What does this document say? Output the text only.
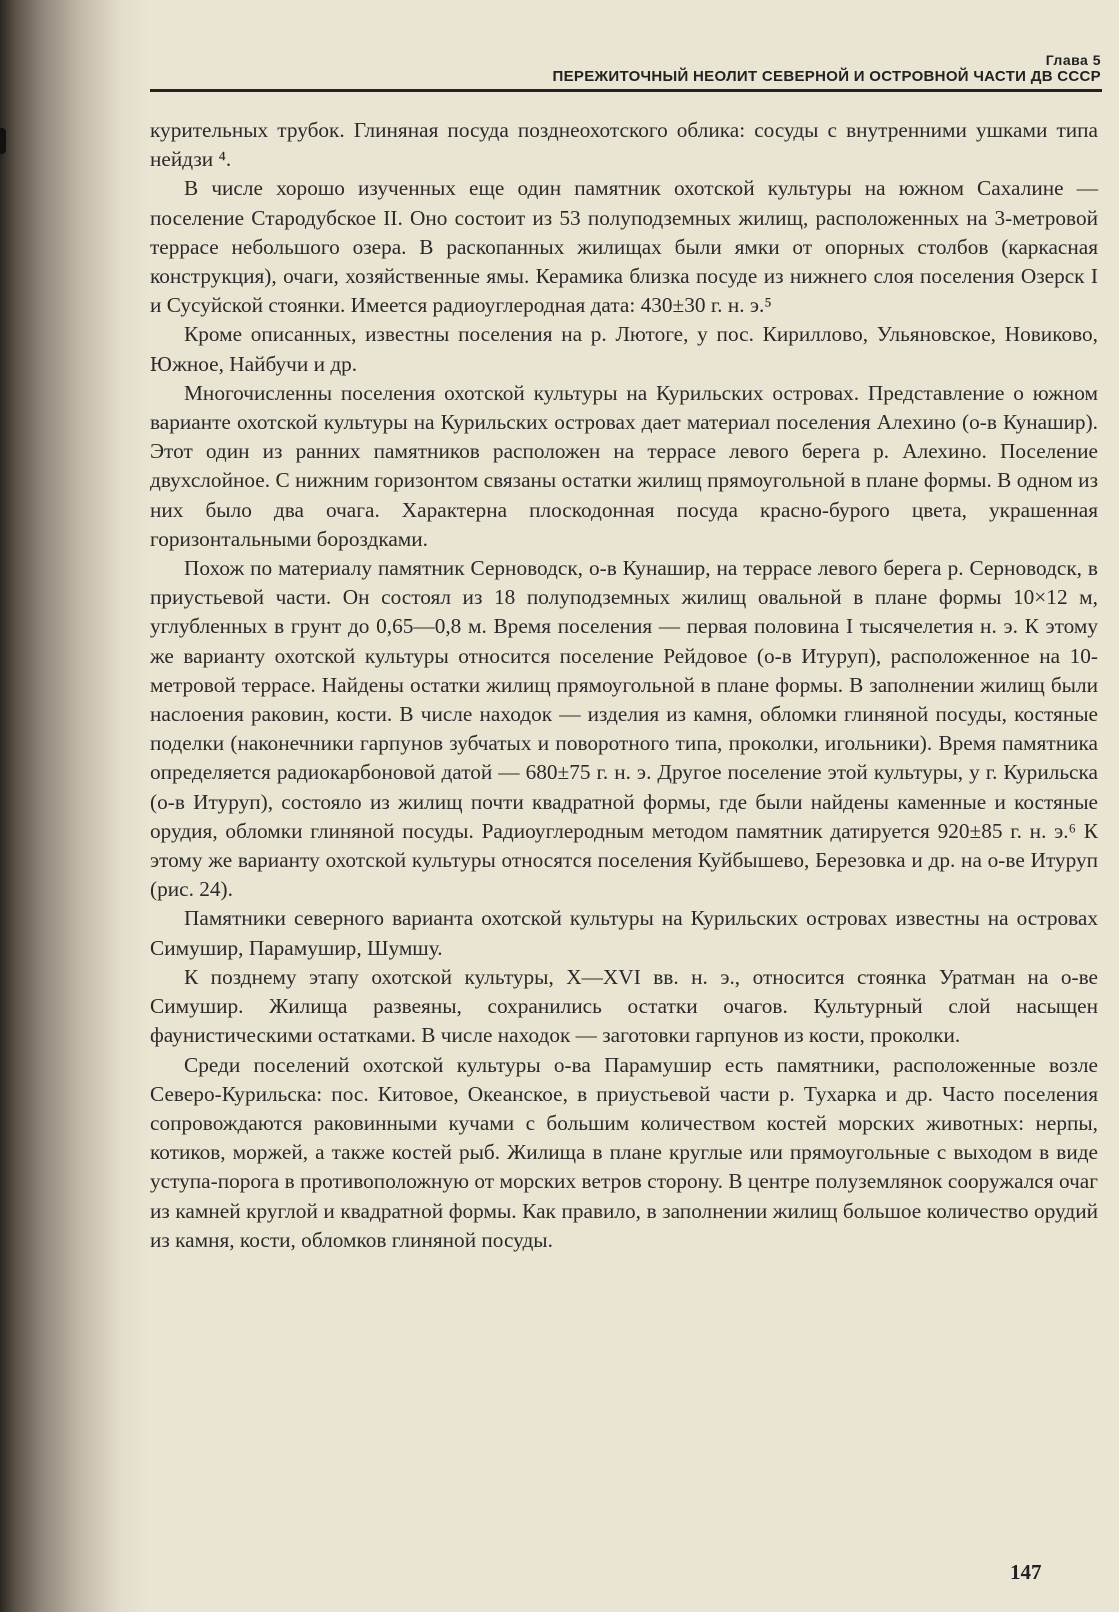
Глава 5
ПЕРЕЖИТОЧНЫЙ НЕОЛИТ СЕВЕРНОЙ И ОСТРОВНОЙ ЧАСТИ ДВ СССР

курительных трубок. Глиняная посуда позднеохотского облика: сосуды с внутренними ушками типа нейдзи ⁴.

В числе хорошо изученных еще один памятник охотской культуры на южном Сахалине — поселение Стародубское II. Оно состоит из 53 полуподземных жилищ, расположенных на 3-метровой террасе небольшого озера. В раскопанных жилищах были ямки от опорных столбов (каркасная конструкция), очаги, хозяйственные ямы. Керамика близка посуде из нижнего слоя поселения Озерск I и Сусуйской стоянки. Имеется радиоуглеродная дата: 430±30 г. н. э.⁵

Кроме описанных, известны поселения на р. Лютоге, у пос. Кириллово, Ульяновское, Новиково, Южное, Найбучи и др.

Многочисленны поселения охотской культуры на Курильских островах. Представление о южном варианте охотской культуры на Курильских островах дает материал поселения Алехино (о-в Кунашир). Этот один из ранних памятников расположен на террасе левого берега р. Алехино. Поселение двухслойное. С нижним горизонтом связаны остатки жилищ прямоугольной в плане формы. В одном из них было два очага. Характерна плоскодонная посуда красно-бурого цвета, украшенная горизонтальными бороздками.

Похож по материалу памятник Серноводск, о-в Кунашир, на террасе левого берега р. Серноводск, в приустьевой части. Он состоял из 18 полуподземных жилищ овальной в плане формы 10×12 м, углубленных в грунт до 0,65—0,8 м. Время поселения — первая половина I тысячелетия н. э. К этому же варианту охотской культуры относится поселение Рейдовое (о-в Итуруп), расположенное на 10-метровой террасе. Найдены остатки жилищ прямоугольной в плане формы. В заполнении жилищ были наслоения раковин, кости. В числе находок — изделия из камня, обломки глиняной посуды, костяные поделки (наконечники гарпунов зубчатых и поворотного типа, проколки, игольники). Время памятника определяется радиокарбоновой датой — 680±75 г. н. э. Другое поселение этой культуры, у г. Курильска (о-в Итуруп), состояло из жилищ почти квадратной формы, где были найдены каменные и костяные орудия, обломки глиняной посуды. Радиоуглеродным методом памятник датируется 920±85 г. н. э.⁶ К этому же варианту охотской культуры относятся поселения Куйбышево, Березовка и др. на о-ве Итуруп (рис. 24).

Памятники северного варианта охотской культуры на Курильских островах известны на островах Симушир, Парамушир, Шумшу.

К позднему этапу охотской культуры, X—XVI вв. н. э., относится стоянка Уратман на о-ве Симушир. Жилища развеяны, сохранились остатки очагов. Культурный слой насыщен фаунистическими остатками. В числе находок — заготовки гарпунов из кости, проколки.

Среди поселений охотской культуры о-ва Парамушир есть памятники, расположенные возле Северо-Курильска: пос. Китовое, Океанское, в приустьевой части р. Тухарка и др. Часто поселения сопровождаются раковинными кучами с большим количеством костей морских животных: нерпы, котиков, моржей, а также костей рыб. Жилища в плане круглые или прямоугольные с выходом в виде уступа-порога в противоположную от морских ветров сторону. В центре полуземлянок сооружался очаг из камней круглой и квадратной формы. Как правило, в заполнении жилищ большое количество орудий из камня, кости, обломков глиняной посуды.

147
